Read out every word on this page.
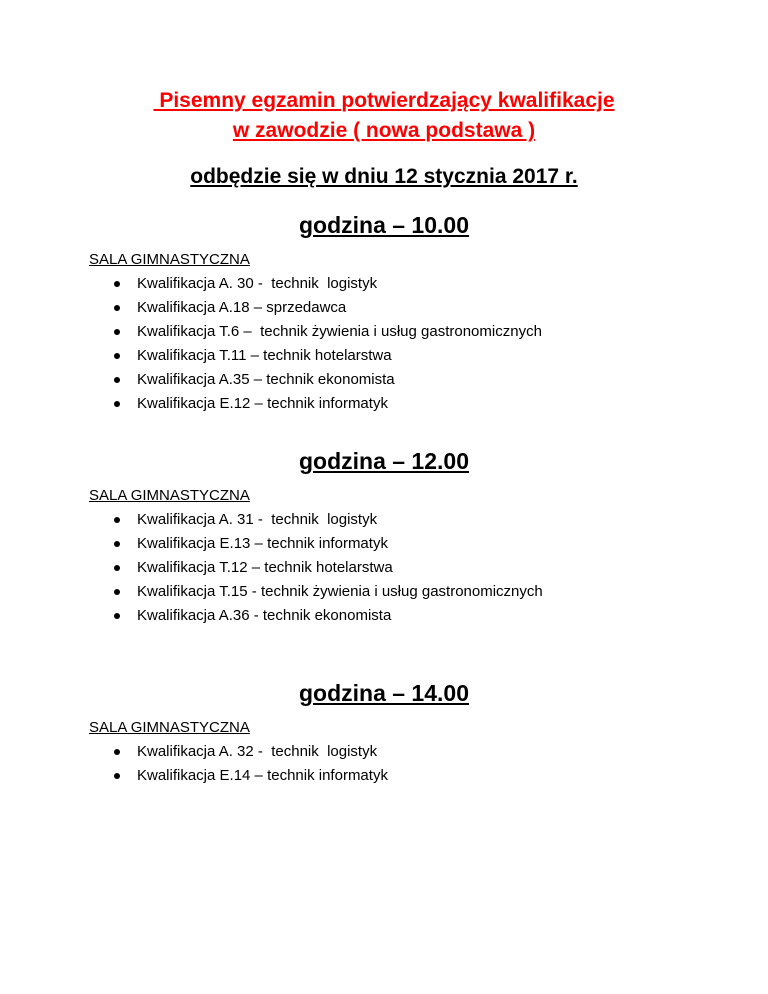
Pisemny egzamin potwierdzający kwalifikacje
w zawodzie ( nowa podstawa )
odbędzie się w dniu 12 stycznia 2017 r.
godzina – 10.00
SALA GIMNASTYCZNA
Kwalifikacja A. 30 -  technik  logistyk
Kwalifikacja A.18 – sprzedawca
Kwalifikacja T.6 –  technik żywienia i usług gastronomicznych
Kwalifikacja T.11 – technik hotelarstwa
Kwalifikacja A.35 – technik ekonomista
Kwalifikacja E.12 – technik informatyk
godzina – 12.00
SALA GIMNASTYCZNA
Kwalifikacja A. 31 -  technik  logistyk
Kwalifikacja E.13 – technik informatyk
Kwalifikacja T.12 – technik hotelarstwa
Kwalifikacja T.15 - technik żywienia i usług gastronomicznych
Kwalifikacja A.36 - technik ekonomista
godzina – 14.00
SALA GIMNASTYCZNA
Kwalifikacja A. 32 -  technik  logistyk
Kwalifikacja E.14 – technik informatyk
